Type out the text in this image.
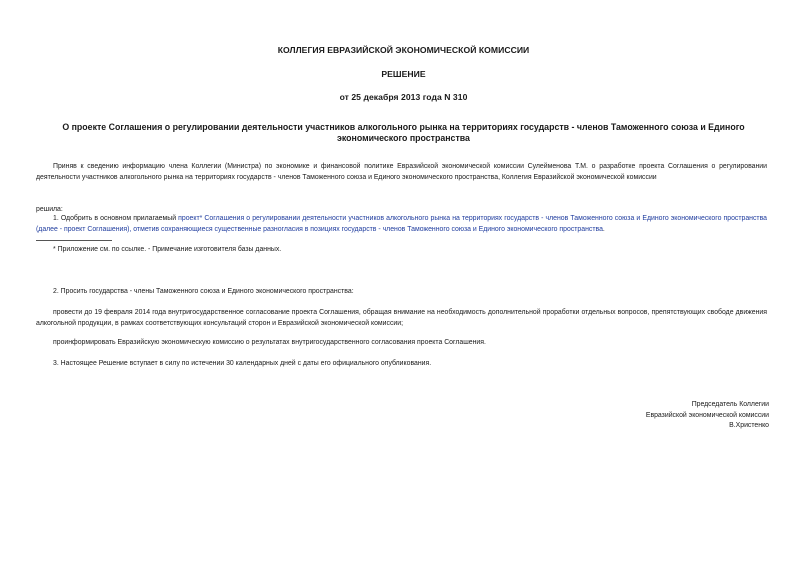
КОЛЛЕГИЯ ЕВРАЗИЙСКОЙ ЭКОНОМИЧЕСКОЙ КОМИССИИ
РЕШЕНИЕ
от 25 декабря 2013 года N 310
О проекте Соглашения о регулировании деятельности участников алкогольного рынка на территориях государств - членов Таможенного союза и Единого экономического пространства
Приняв к сведению информацию члена Коллегии (Министра) по экономике и финансовой политике Евразийской экономической комиссии Сулейменова Т.М. о разработке проекта Соглашения о регулировании деятельности участников алкогольного рынка на территориях государств - членов Таможенного союза и Единого экономического пространства, Коллегия Евразийской экономической комиссии
решила:
1. Одобрить в основном прилагаемый проект* Соглашения о регулировании деятельности участников алкогольного рынка на территориях государств - членов Таможенного союза и Единого экономического пространства (далее - проект Соглашения), отметив сохраняющиеся существенные разногласия в позициях государств - членов Таможенного союза и Единого экономического пространства.
* Приложение см. по ссылке. - Примечание изготовителя базы данных.
2. Просить государства - члены Таможенного союза и Единого экономического пространства:
провести до 19 февраля 2014 года внутригосударственное согласование проекта Соглашения, обращая внимание на необходимость дополнительной проработки отдельных вопросов, препятствующих свободе движения алкогольной продукции, в рамках соответствующих консультаций сторон и Евразийской экономической комиссии;
проинформировать Евразийскую экономическую комиссию о результатах внутригосударственного согласования проекта Соглашения.
3. Настоящее Решение вступает в силу по истечении 30 календарных дней с даты его официального опубликования.
Председатель Коллегии
Евразийской экономической комиссии
В.Христенко
